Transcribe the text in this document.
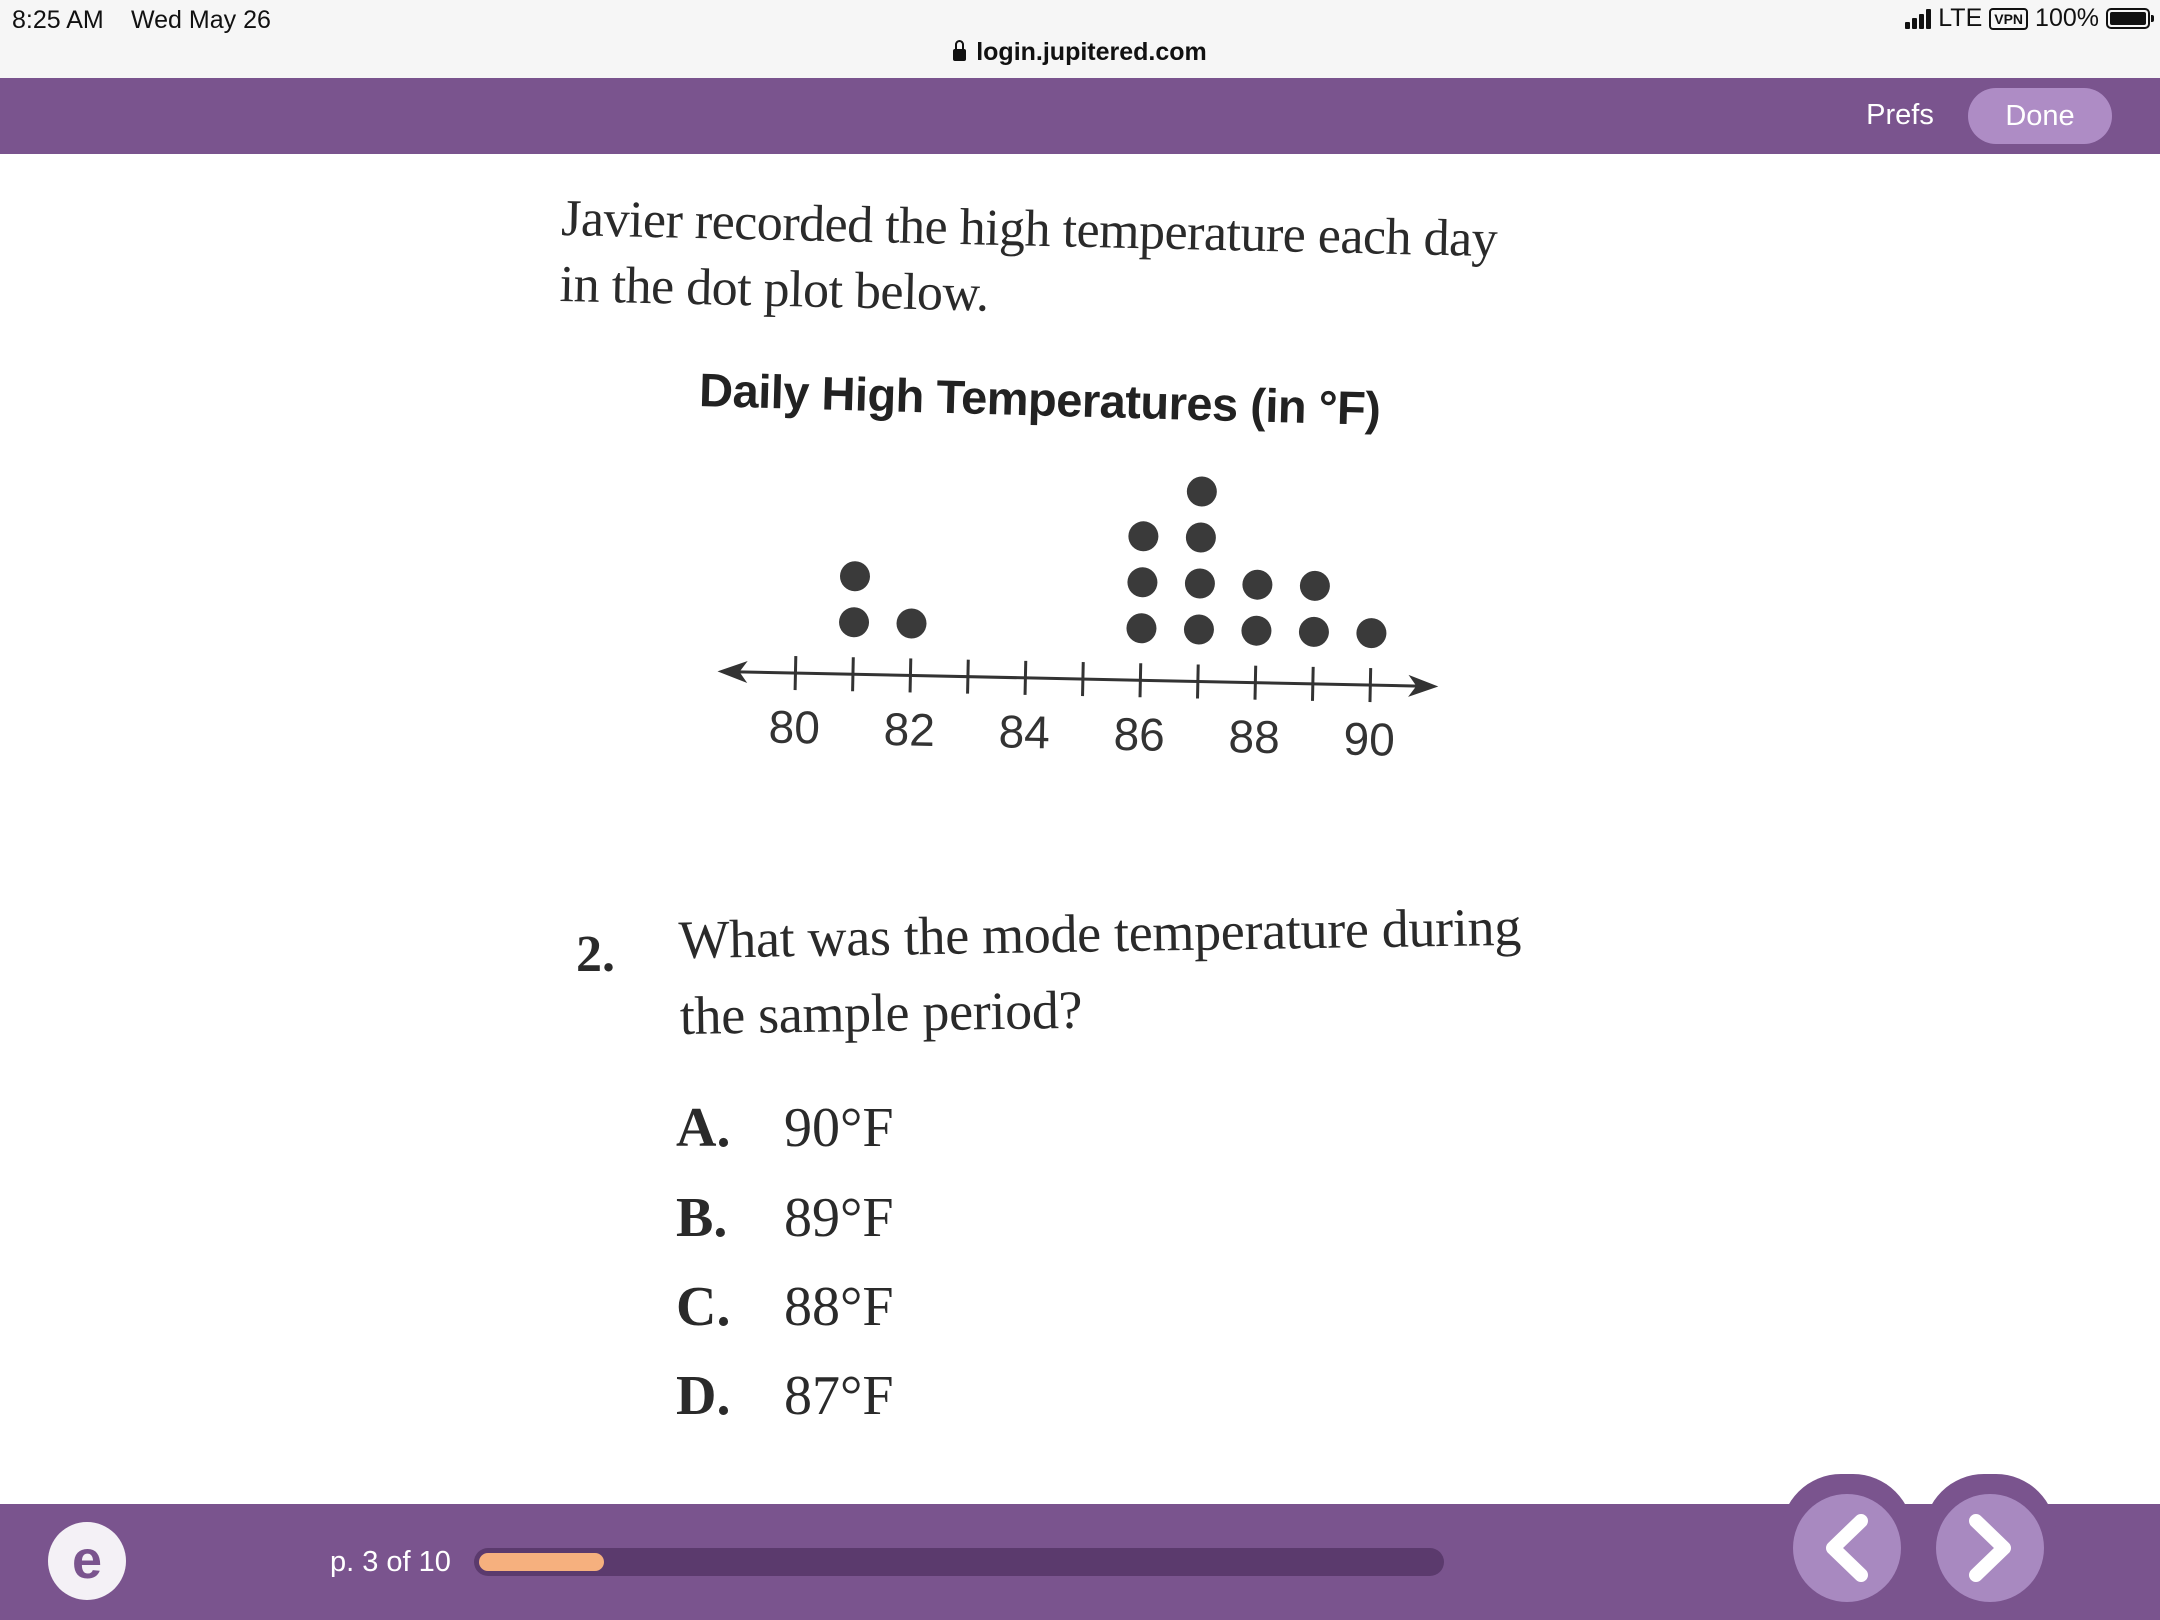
8:25 AM Wed May 26
login.jupitered.com
LTE VPN 100%
Prefs	Done
Javier recorded the high temperature each day
in the dot plot below.
Daily High Temperatures (in °F)
80 82 84 86 88 90
2. What was the mode temperature during
the sample period?
A. 90°F
B. 89°F
C. 88°F
D. 87°F
e	p. 3 of 10
